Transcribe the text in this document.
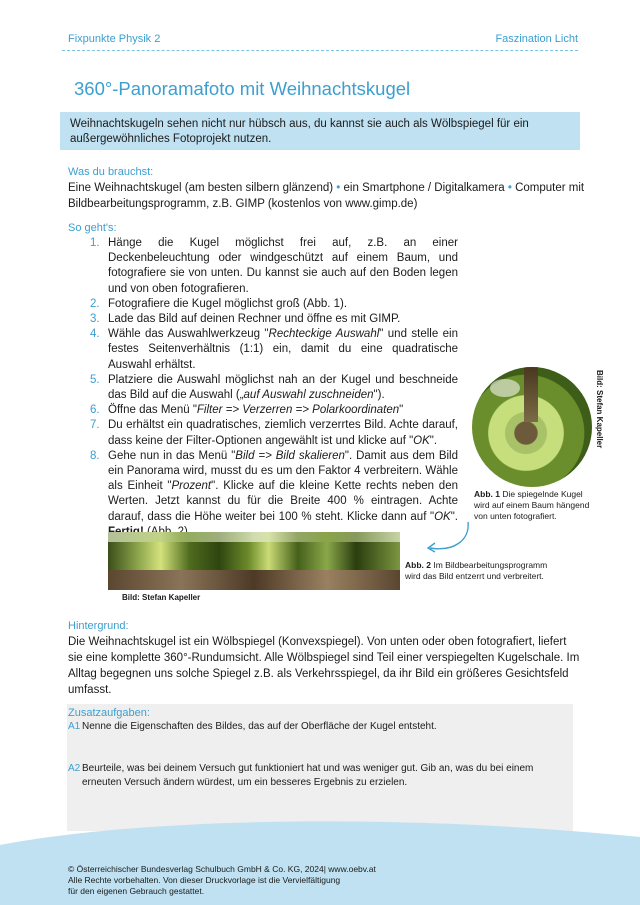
Fixpunkte Physik 2	Faszination Licht
360°-Panoramafoto mit Weihnachtskugel
Weihnachtskugeln sehen nicht nur hübsch aus, du kannst sie auch als Wölbspiegel für ein außergewöhnliches Fotoprojekt nutzen.
Was du brauchst:
Eine Weihnachtskugel (am besten silbern glänzend) • ein Smartphone / Digitalkamera • Computer mit Bildbearbeitungsprogramm, z.B. GIMP (kostenlos von www.gimp.de)
So geht's:
1. Hänge die Kugel möglichst frei auf, z.B. an einer Deckenbeleuchtung oder windgeschützt auf einem Baum, und fotografiere sie von unten. Du kannst sie auch auf den Boden legen und von oben fotografieren.
2. Fotografiere die Kugel möglichst groß (Abb. 1).
3. Lade das Bild auf deinen Rechner und öffne es mit GIMP.
4. Wähle das Auswahlwerkzeug "Rechteckige Auswahl" und stelle ein festes Seitenverhältnis (1:1) ein, damit du eine quadratische Auswahl erhältst.
5. Platziere die Auswahl möglichst nah an der Kugel und beschneide das Bild auf die Auswahl („auf Auswahl zuschneiden").
6. Öffne das Menü "Filter => Verzerren => Polarkoordinaten"
7. Du erhältst ein quadratisches, ziemlich verzerrtes Bild. Achte darauf, dass keine der Filter-Optionen angewählt ist und klicke auf "OK".
8. Gehe nun in das Menü "Bild => Bild skalieren". Damit aus dem Bild ein Panorama wird, musst du es um den Faktor 4 verbreitern. Wähle als Einheit "Prozent". Klicke auf die kleine Kette rechts neben den Werten. Jetzt kannst du für die Breite 400 % eintragen. Achte darauf, dass die Höhe weiter bei 100 % steht. Klicke dann auf "OK".
Bild: Stefan Kapeller
Abb. 1 Die spiegelnde Kugel wird auf einem Baum hängend von unten fotografiert.
Bild: Stefan Kapeller
Abb. 2 Im Bildbearbeitungsprogramm wird das Bild entzerrt und verbreitert.
Hintergrund:
Die Weihnachtskugel ist ein Wölbspiegel (Konvexspiegel). Von unten oder oben fotografiert, liefert sie eine komplette 360°-Rundumsicht. Alle Wölbspiegel sind Teil einer verspiegelten Kugelschale. Im Alltag begegnen uns solche Spiegel z.B. als Verkehrsspiegel, da ihr Bild ein größeres Gesichtsfeld umfasst.
Zusatzaufgaben:
A1 Nenne die Eigenschaften des Bildes, das auf der Oberfläche der Kugel entsteht.
A2 Beurteile, was bei deinem Versuch gut funktioniert hat und was weniger gut. Gib an, was du bei einem erneuten Versuch ändern würdest, um ein besseres Ergebnis zu erzielen.
© Österreichischer Bundesverlag Schulbuch GmbH & Co. KG, 2024| www.oebv.at
Alle Rechte vorbehalten. Von dieser Druckvorlage ist die Vervielfältigung
für den eigenen Gebrauch gestattet.
